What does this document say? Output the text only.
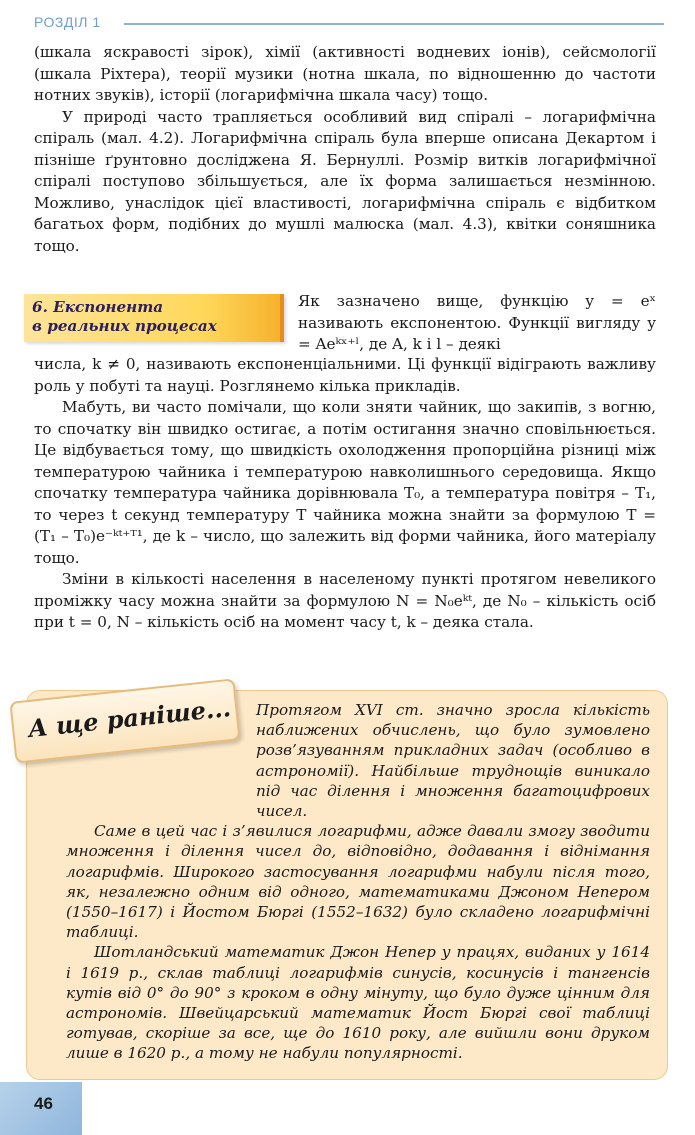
РОЗДІЛ 1

(шкала яскравості зірок), хімії (активності водневих іонів), сейсмології (шкала Ріхтера), теорії музики (нотна шкала, по відношенню до частоти нотних звуків), історії (логарифмічна шкала часу) тощо.

У природі часто трапляється особливий вид спіралі – логарифмічна спіраль (мал. 4.2). Логарифмічна спіраль була вперше описана Декартом і пізніше ґрунтовно досліджена Я. Бернуллі. Розмір витків логарифмічної спіралі поступово збільшується, але їх форма залишається незмінною. Можливо, унаслідок цієї властивості, логарифмічна спіраль є відбитком багатьох форм, подібних до мушлі малюска (мал. 4.3), квітки соняшника тощо.

6. Експонента
в реальних процесах

Як зазначено вище, функцію y = eˣ називають експонентою. Функції вигляду y = Aeᵏˣ⁺ˡ, де A, k і l – деякі

числа, k ≠ 0, називають експоненціальними. Ці функції відіграють важливу роль у побуті та науці. Розглянемо кілька прикладів.

Мабуть, ви часто помічали, що коли зняти чайник, що закипів, з вогню, то спочатку він швидко остигає, а потім остигання значно сповільнюється. Це відбувається тому, що швидкість охолодження пропорційна різниці між температурою чайника і температурою навколишнього середовища. Якщо спочатку температура чайника дорівнювала T₀, а температура повітря – T₁, то через t секунд температуру T чайника можна знайти за формулою T = (T₁ – T₀)e⁻ᵏᵗ⁺ᵀ¹, де k – число, що залежить від форми чайника, його матеріалу тощо.

Зміни в кількості населення в населеному пункті протягом невеликого проміжку часу можна знайти за формулою N = N₀eᵏᵗ, де N₀ – кількість осіб при t = 0, N – кількість осіб на момент часу t, k – деяка стала.

А ще раніше...	Протягом XVI ст. значно зросла кількість наближених обчислень, що було зумовлено розв’язуванням прикладних задач (особливо в астрономії). Найбільше труднощів виникало під час ділення і множення багатоцифрових чисел.

Саме в цей час і з’явилися логарифми, адже давали змогу зводити множення і ділення чисел до, відповідно, додавання і віднімання логарифмів. Широкого застосування логарифми набули після того, як, незалежно одним від одного, математиками Джоном Непером (1550–1617) і Йостом Бюргі (1552–1632) було складено логарифмічні таблиці.

Шотландський математик Джон Непер у працях, виданих у 1614 і 1619 р., склав таблиці логарифмів синусів, косинусів і тангенсів кутів від 0° до 90° з кроком в одну мінуту, що було дуже цінним для астрономів. Швейцарський математик Йост Бюргі свої таблиці готував, скоріше за все, ще до 1610 року, але вийшли вони друком лише в 1620 р., а тому не набули популярності.

46
